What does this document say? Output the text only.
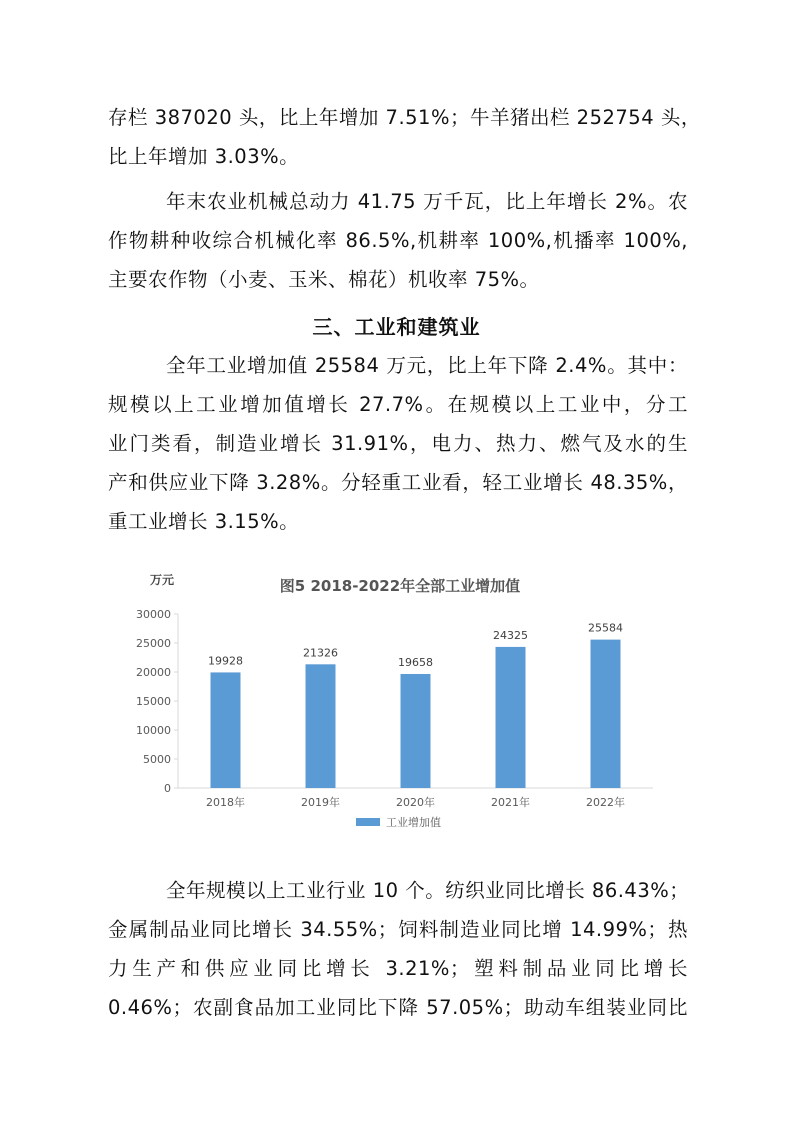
存栏 387020 头，比上年增加 7.51%；牛羊猪出栏 252754 头，
比上年增加 3.03%。
年末农业机械总动力 41.75 万千瓦，比上年增长 2%。农
作物耕种收综合机械化率 86.5%,机耕率 100%,机播率 100%,
主要农作物（小麦、玉米、棉花）机收率 75%。
三、工业和建筑业
全年工业增加值 25584 万元，比上年下降 2.4%。其中：
规模以上工业增加值增长 27.7%。在规模以上工业中，分工
业门类看，制造业增长 31.91%，电力、热力、燃气及水的生
产和供应业下降 3.28%。分轻重工业看，轻工业增长 48.35%，
重工业增长 3.15%。
万元	图5 2018-2022年全部工业增加值
0
5000
10000
15000
20000
25000
30000
19928
2018年
21326
2019年
19658
2020年
24325
2021年
25584
2022年
工业增加值
全年规模以上工业行业 10 个。纺织业同比增长 86.43%；
金属制品业同比增长 34.55%；饲料制造业同比增 14.99%；热
力生产和供应业同比增长 3.21%；塑料制品业同比增长
0.46%；农副食品加工业同比下降 57.05%；助动车组装业同比
